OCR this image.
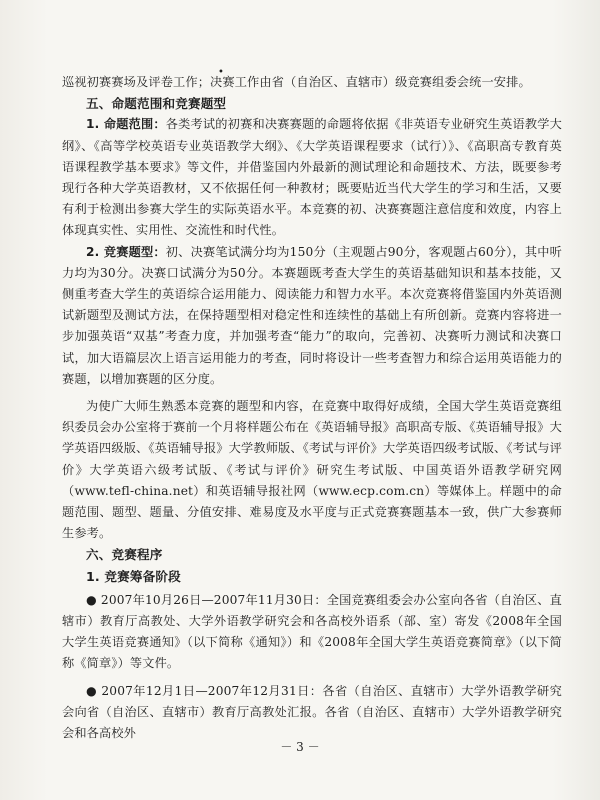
•

巡视初赛赛场及评卷工作；决赛工作由省（自治区、直辖市）级竞赛组委会统一安排。

五、命题范围和竞赛题型

1. 命题范围：各类考试的初赛和决赛赛题的命题将依据《非英语专业研究生英语教学大纲》、《高等学校英语专业英语教学大纲》、《大学英语课程要求（试行）》、《高职高专教育英语课程教学基本要求》等文件，并借鉴国内外最新的测试理论和命题技术、方法，既要参考现行各种大学英语教材，又不依据任何一种教材；既要贴近当代大学生的学习和生活，又要有利于检测出参赛大学生的实际英语水平。本竞赛的初、决赛赛题注意信度和效度，内容上体现真实性、实用性、交流性和时代性。

2. 竞赛题型：初、决赛笔试满分均为150分（主观题占90分，客观题占60分），其中听力均为30分。决赛口试满分为50分。本赛题既考查大学生的英语基础知识和基本技能，又侧重考查大学生的英语综合运用能力、阅读能力和智力水平。本次竞赛将借鉴国内外英语测试新题型及测试方法，在保持题型相对稳定性和连续性的基础上有所创新。竞赛内容将进一步加强英语“双基”考查力度，并加强考查“能力”的取向，完善初、决赛听力测试和决赛口试，加大语篇层次上语言运用能力的考查，同时将设计一些考查智力和综合运用英语能力的赛题，以增加赛题的区分度。

为使广大师生熟悉本竞赛的题型和内容，在竞赛中取得好成绩，全国大学生英语竞赛组织委员会办公室将于赛前一个月将样题公布在《英语辅导报》高职高专版、《英语辅导报》大学英语四级版、《英语辅导报》大学教师版、《考试与评价》大学英语四级考试版、《考试与评价》大学英语六级考试版、《考试与评价》研究生考试版、中国英语外语教学研究网（www.tefl-china.net）和英语辅导报社网（www.ecp.com.cn）等媒体上。样题中的命题范围、题型、题量、分值安排、难易度及水平度与正式竞赛赛题基本一致，供广大参赛师生参考。

六、竞赛程序

1. 竞赛筹备阶段

● 2007年10月26日—2007年11月30日：全国竞赛组委会办公室向各省（自治区、直辖市）教育厅高教处、大学外语教学研究会和各高校外语系（部、室）寄发《2008年全国大学生英语竞赛通知》（以下简称《通知》）和《2008年全国大学生英语竞赛简章》（以下简称《简章》）等文件。

● 2007年12月1日—2007年12月31日：各省（自治区、直辖市）大学外语教学研究会向省（自治区、直辖市）教育厅高教处汇报。各省（自治区、直辖市）大学外语教学研究会和各高校外

－ 3 －
